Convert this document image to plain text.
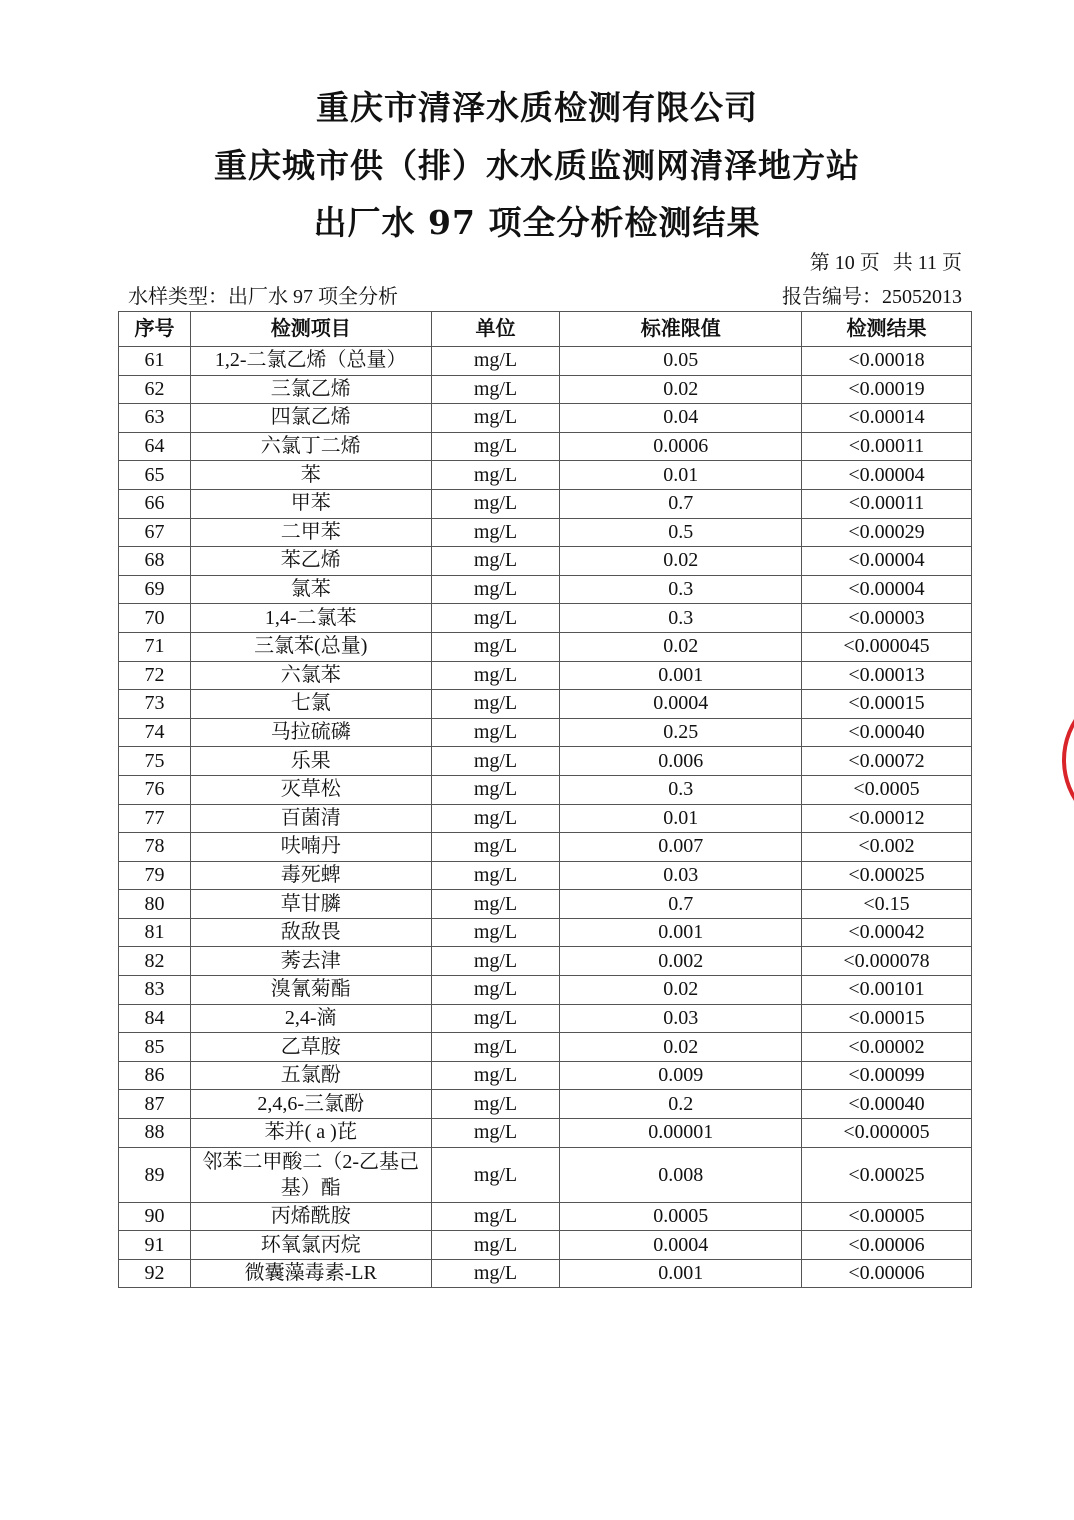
重庆市清泽水质检测有限公司
重庆城市供（排）水水质监测网清泽地方站
出厂水 97 项全分析检测结果
第 10 页 共 11 页
水样类型：出厂水 97 项全分析	报告编号：25052013
序号	检测项目	单位	标准限值	检测结果
61	1,2-二氯乙烯（总量）	mg/L	0.05	<0.00018
62	三氯乙烯	mg/L	0.02	<0.00019
63	四氯乙烯	mg/L	0.04	<0.00014
64	六氯丁二烯	mg/L	0.0006	<0.00011
65	苯	mg/L	0.01	<0.00004
66	甲苯	mg/L	0.7	<0.00011
67	二甲苯	mg/L	0.5	<0.00029
68	苯乙烯	mg/L	0.02	<0.00004
69	氯苯	mg/L	0.3	<0.00004
70	1,4-二氯苯	mg/L	0.3	<0.00003
71	三氯苯(总量)	mg/L	0.02	<0.000045
72	六氯苯	mg/L	0.001	<0.00013
73	七氯	mg/L	0.0004	<0.00015
74	马拉硫磷	mg/L	0.25	<0.00040
75	乐果	mg/L	0.006	<0.00072
76	灭草松	mg/L	0.3	<0.0005
77	百菌清	mg/L	0.01	<0.00012
78	呋喃丹	mg/L	0.007	<0.002
79	毒死蜱	mg/L	0.03	<0.00025
80	草甘膦	mg/L	0.7	<0.15
81	敌敌畏	mg/L	0.001	<0.00042
82	莠去津	mg/L	0.002	<0.000078
83	溴氰菊酯	mg/L	0.02	<0.00101
84	2,4-滴	mg/L	0.03	<0.00015
85	乙草胺	mg/L	0.02	<0.00002
86	五氯酚	mg/L	0.009	<0.00099
87	2,4,6-三氯酚	mg/L	0.2	<0.00040
88	苯并( a )芘	mg/L	0.00001	<0.000005
89	邻苯二甲酸二（2-乙基己基）酯	mg/L	0.008	<0.00025
90	丙烯酰胺	mg/L	0.0005	<0.00005
91	环氧氯丙烷	mg/L	0.0004	<0.00006
92	微囊藻毒素-LR	mg/L	0.001	<0.00006
